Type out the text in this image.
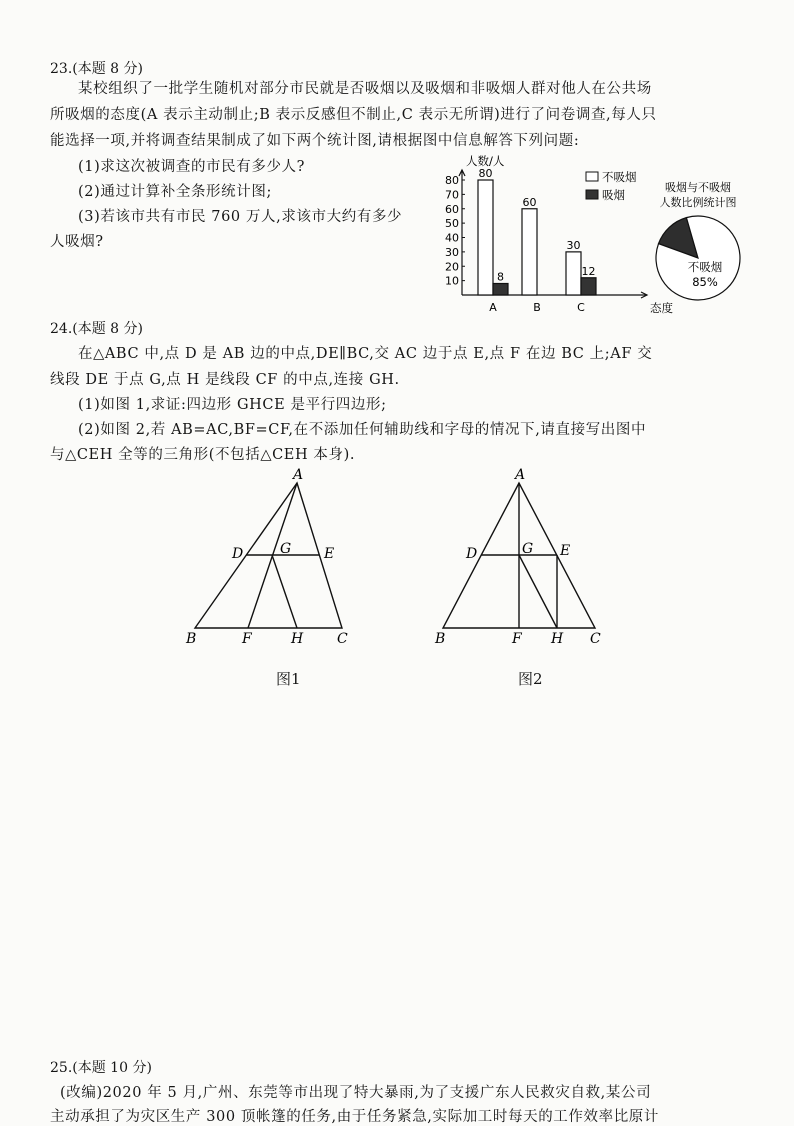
23.(本题 8 分)
某校组织了一批学生随机对部分市民就是否吸烟以及吸烟和非吸烟人群对他人在公共场
所吸烟的态度(A 表示主动制止;B 表示反感但不制止,C 表示无所谓)进行了问卷调查,每人只
能选择一项,并将调查结果制成了如下两个统计图,请根据图中信息解答下列问题:
(1)求这次被调查的市民有多少人?
(2)通过计算补全条形统计图;
(3)若该市共有市民 760 万人,求该市大约有多少
人吸烟?
10
20
30
40
50
60
70
80
80
8
60
30
12
A	B	C
人数/人
态度
不吸烟
吸烟
吸烟与不吸烟
人数比例统计图
不吸烟
85%
24.(本题 8 分)
在△ABC 中,点 D 是 AB 边的中点,DE∥BC,交 AC 边于点 E,点 F 在边 BC 上;AF 交
线段 DE 于点 G,点 H 是线段 CF 的中点,连接 GH.
(1)如图 1,求证:四边形 GHCE 是平行四边形;
(2)如图 2,若 AB=AC,BF=CF,在不添加任何辅助线和字母的情况下,请直接写出图中
与△CEH 全等的三角形(不包括△CEH 本身).
A
B	C
D	E
G
F	H
图1
A
B	C
D	E
G
F H
图2
25.(本题 10 分)
(改编)2020 年 5 月,广州、东莞等市出现了特大暴雨,为了支援广东人民救灾自救,某公司
主动承担了为灾区生产 300 顶帐篷的任务,由于任务紧急,实际加工时每天的工作效率比原计
